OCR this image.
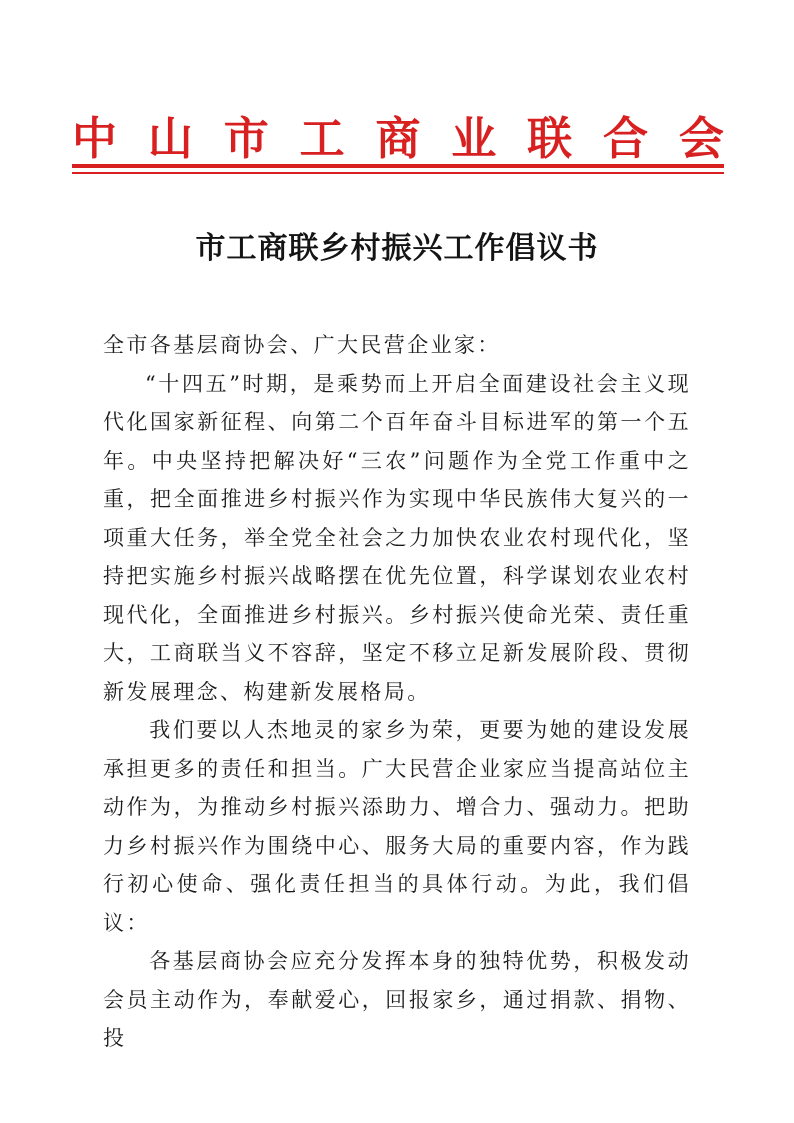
中 山 市 工 商 业 联 合 会
市工商联乡村振兴工作倡议书

全市各基层商协会、广大民营企业家：

“十四五”时期，是乘势而上开启全面建设社会主义现代化国家新征程、向第二个百年奋斗目标进军的第一个五年。中央坚持把解决好“三农”问题作为全党工作重中之重，把全面推进乡村振兴作为实现中华民族伟大复兴的一项重大任务，举全党全社会之力加快农业农村现代化，坚持把实施乡村振兴战略摆在优先位置，科学谋划农业农村现代化，全面推进乡村振兴。乡村振兴使命光荣、责任重大，工商联当义不容辞，坚定不移立足新发展阶段、贯彻新发展理念、构建新发展格局。

我们要以人杰地灵的家乡为荣，更要为她的建设发展承担更多的责任和担当。广大民营企业家应当提高站位主动作为，为推动乡村振兴添助力、增合力、强动力。把助力乡村振兴作为围绕中心、服务大局的重要内容，作为践行初心使命、强化责任担当的具体行动。为此，我们倡议：

各基层商协会应充分发挥本身的独特优势，积极发动会员主动作为，奉献爱心，回报家乡，通过捐款、捐物、投
